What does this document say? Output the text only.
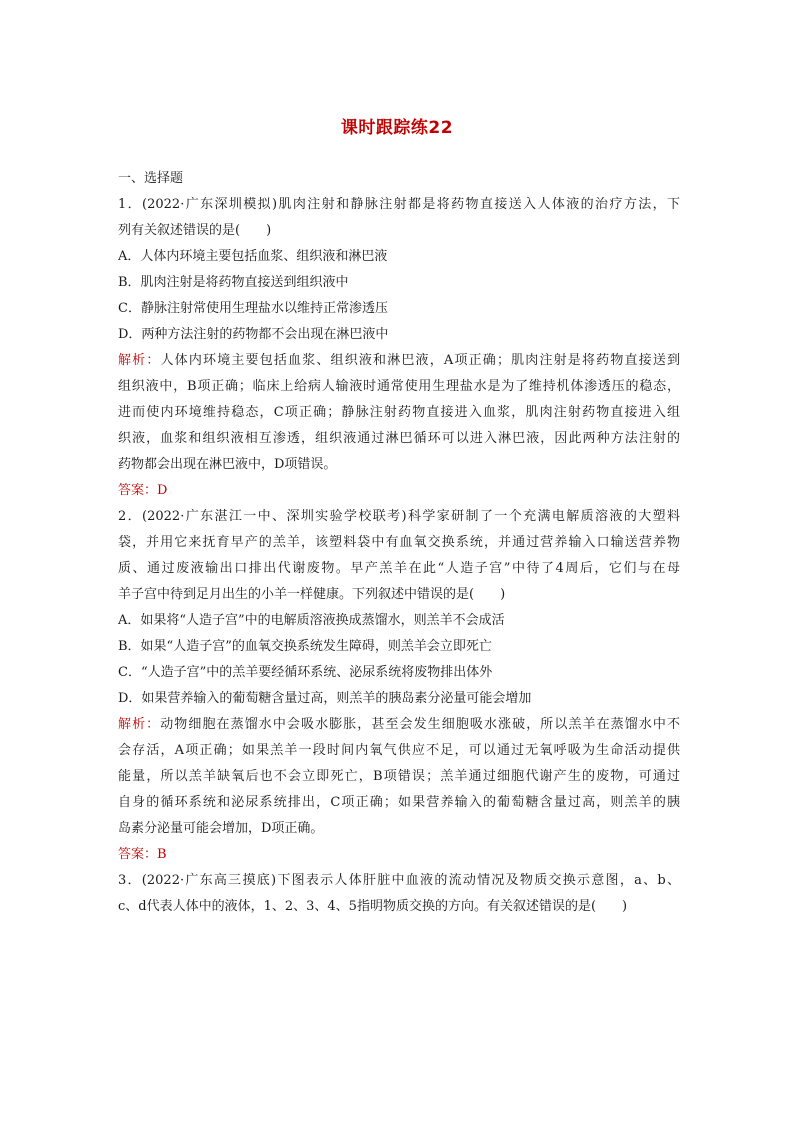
课时跟踪练22
一、选择题
1．(2022·广东深圳模拟)肌肉注射和静脉注射都是将药物直接送入人体液的治疗方法，下
列有关叙述错误的是(　　)
A．人体内环境主要包括血浆、组织液和淋巴液
B．肌肉注射是将药物直接送到组织液中
C．静脉注射常使用生理盐水以维持正常渗透压
D．两种方法注射的药物都不会出现在淋巴液中
解析：人体内环境主要包括血浆、组织液和淋巴液，A项正确；肌肉注射是将药物直接送到
组织液中，B项正确；临床上给病人输液时通常使用生理盐水是为了维持机体渗透压的稳态，
进而使内环境维持稳态，C项正确；静脉注射药物直接进入血浆，肌肉注射药物直接进入组
织液，血浆和组织液相互渗透，组织液通过淋巴循环可以进入淋巴液，因此两种方法注射的
药物都会出现在淋巴液中，D项错误。
答案：D
2．(2022·广东湛江一中、深圳实验学校联考)科学家研制了一个充满电解质溶液的大塑料
袋，并用它来抚育早产的羔羊，该塑料袋中有血氧交换系统，并通过营养输入口输送营养物
质、通过废液输出口排出代谢废物。早产羔羊在此“人造子宫”中待了4周后，它们与在母
羊子宫中待到足月出生的小羊一样健康。下列叙述中错误的是(　　)
A．如果将“人造子宫”中的电解质溶液换成蒸馏水，则羔羊不会成活
B．如果“人造子宫”的血氧交换系统发生障碍，则羔羊会立即死亡
C．“人造子宫”中的羔羊要经循环系统、泌尿系统将废物排出体外
D．如果营养输入的葡萄糖含量过高，则羔羊的胰岛素分泌量可能会增加
解析：动物细胞在蒸馏水中会吸水膨胀，甚至会发生细胞吸水涨破，所以羔羊在蒸馏水中不
会存活，A项正确；如果羔羊一段时间内氧气供应不足，可以通过无氧呼吸为生命活动提供
能量，所以羔羊缺氧后也不会立即死亡，B项错误；羔羊通过细胞代谢产生的废物，可通过
自身的循环系统和泌尿系统排出，C项正确；如果营养输入的葡萄糖含量过高，则羔羊的胰
岛素分泌量可能会增加，D项正确。
答案：B
3．(2022·广东高三摸底)下图表示人体肝脏中血液的流动情况及物质交换示意图，a、b、
c、d代表人体中的液体，1、2、3、4、5指明物质交换的方向。有关叙述错误的是(　　)
